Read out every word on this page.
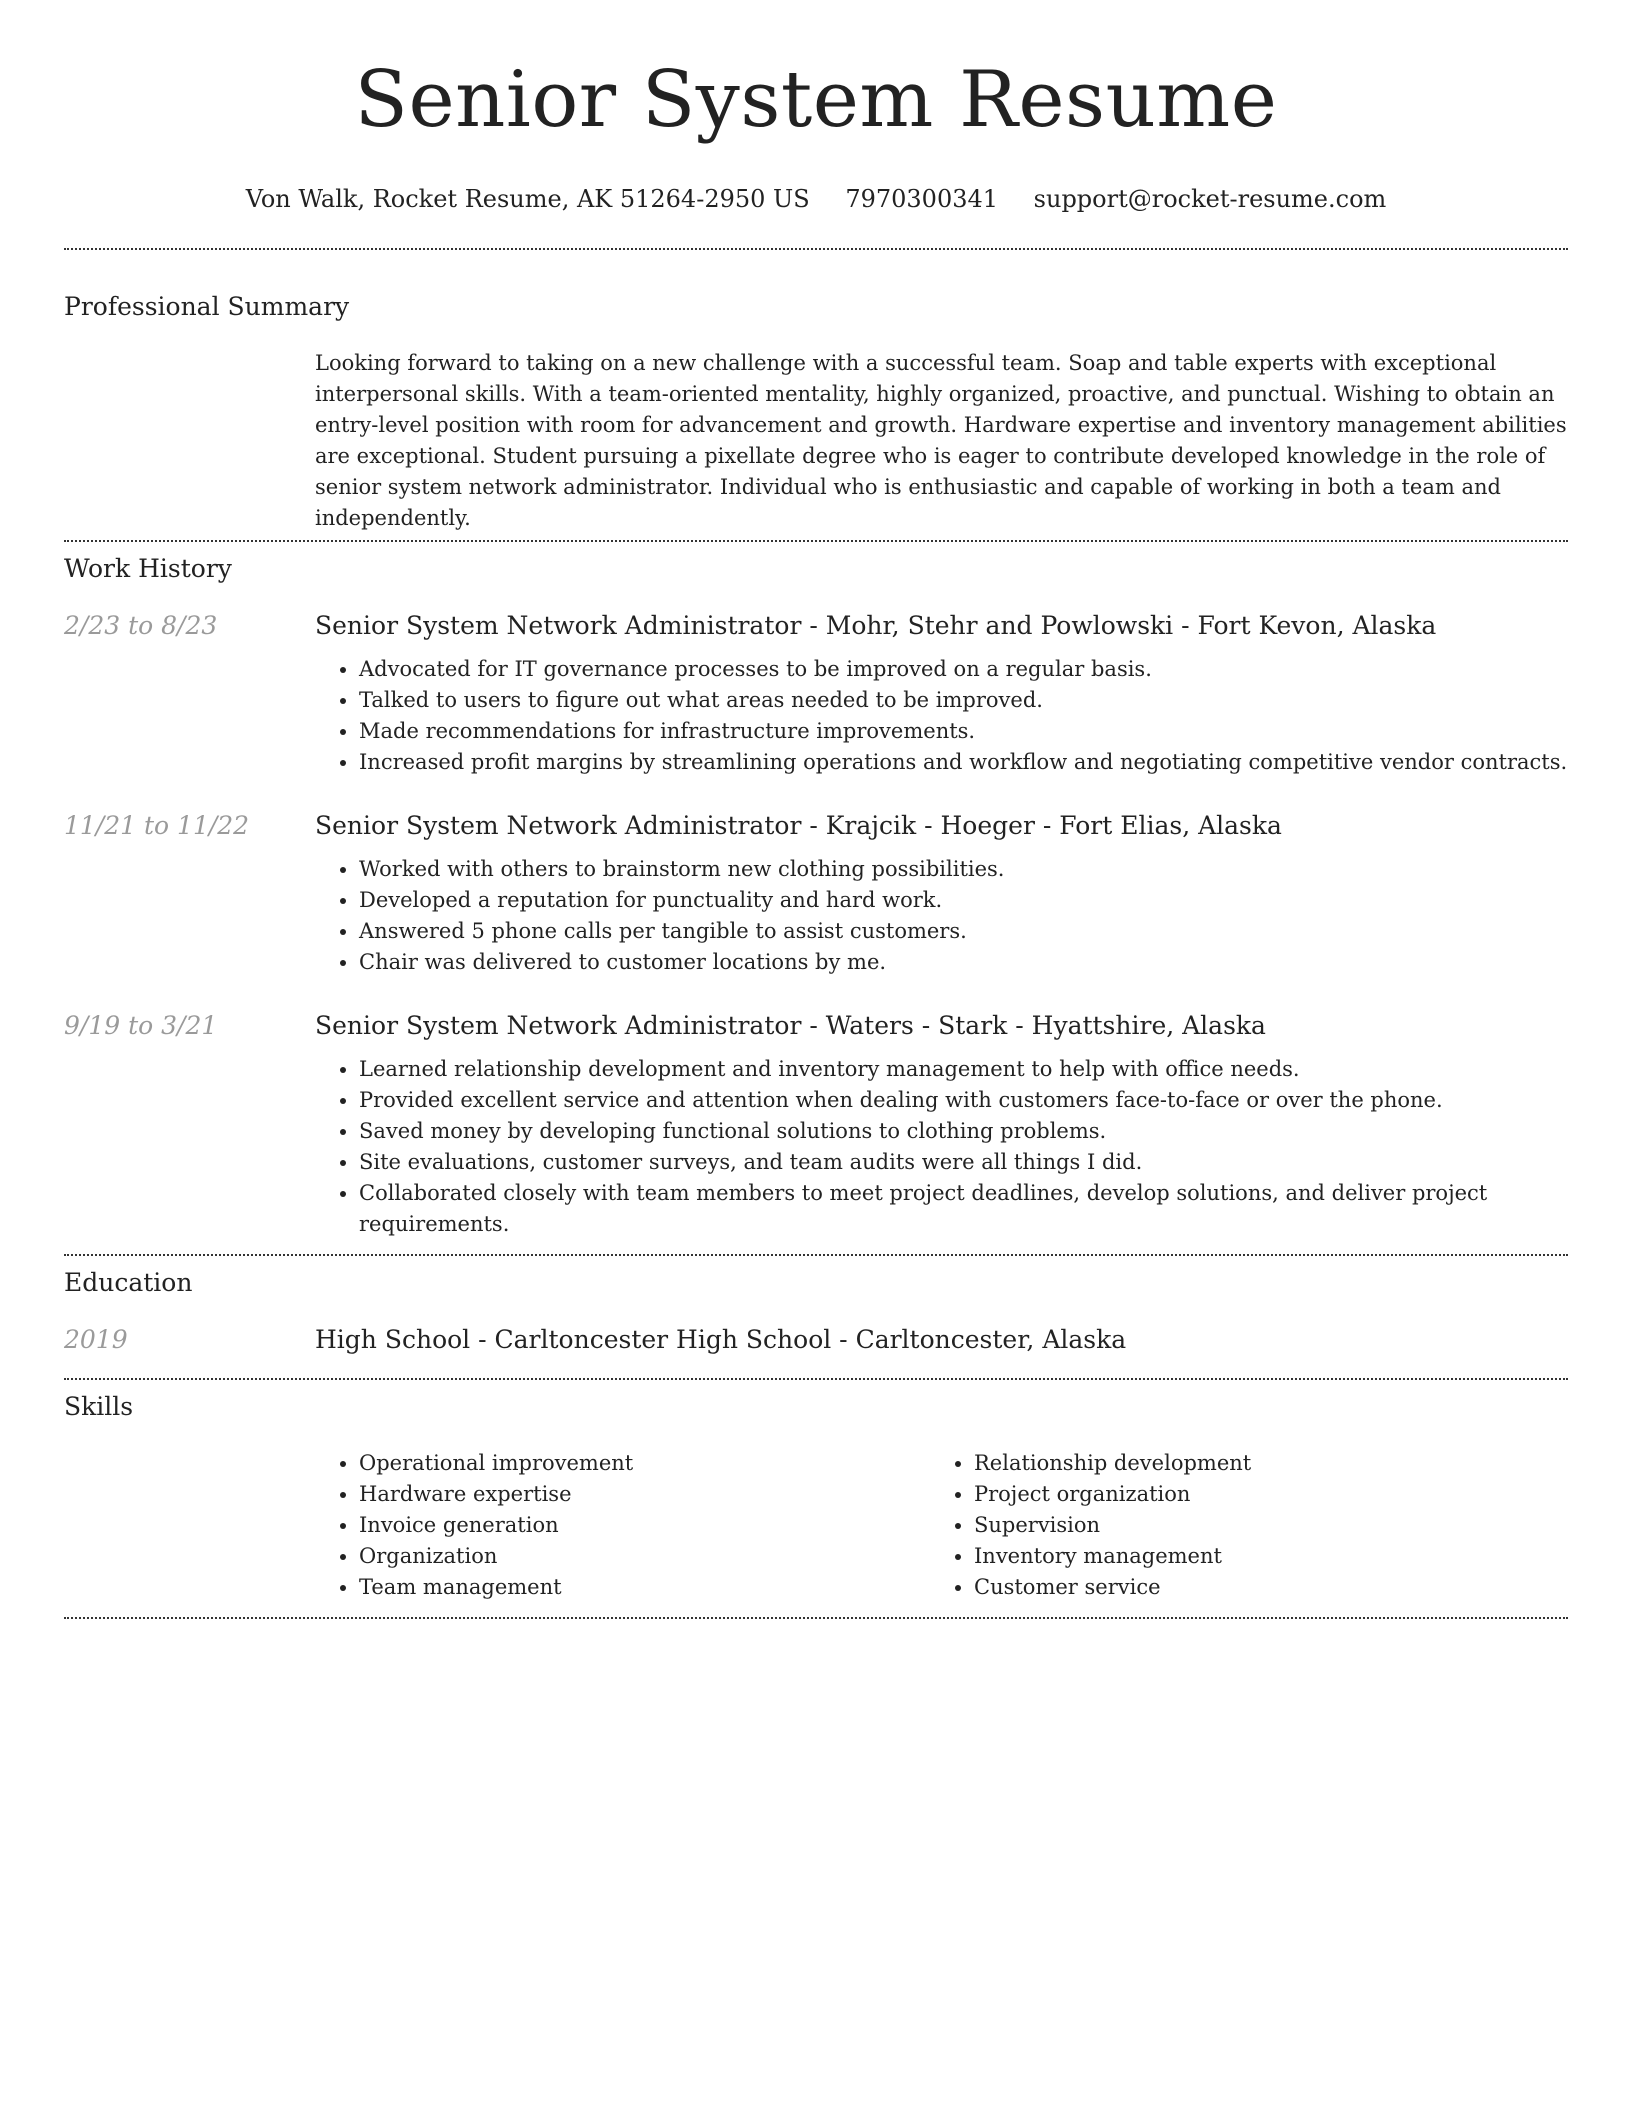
Senior System Resume
Von Walk, Rocket Resume, AK 51264-2950 US 7970300341 support@rocket-resume.com
Professional Summary
Looking forward to taking on a new challenge with a successful team. Soap and table experts with exceptional interpersonal skills. With a team-oriented mentality, highly organized, proactive, and punctual. Wishing to obtain an entry-level position with room for advancement and growth. Hardware expertise and inventory management abilities are exceptional. Student pursuing a pixellate degree who is eager to contribute developed knowledge in the role of senior system network administrator. Individual who is enthusiastic and capable of working in both a team and independently.
Work History
2/23 to 8/23	Senior System Network Administrator - Mohr, Stehr and Powlowski - Fort Kevon, Alaska
• Advocated for IT governance processes to be improved on a regular basis.
• Talked to users to figure out what areas needed to be improved.
• Made recommendations for infrastructure improvements.
• Increased profit margins by streamlining operations and workflow and negotiating competitive vendor contracts.
11/21 to 11/22	Senior System Network Administrator - Krajcik - Hoeger - Fort Elias, Alaska
• Worked with others to brainstorm new clothing possibilities.
• Developed a reputation for punctuality and hard work.
• Answered 5 phone calls per tangible to assist customers.
• Chair was delivered to customer locations by me.
9/19 to 3/21	Senior System Network Administrator - Waters - Stark - Hyattshire, Alaska
• Learned relationship development and inventory management to help with office needs.
• Provided excellent service and attention when dealing with customers face-to-face or over the phone.
• Saved money by developing functional solutions to clothing problems.
• Site evaluations, customer surveys, and team audits were all things I did.
• Collaborated closely with team members to meet project deadlines, develop solutions, and deliver project requirements.
Education
2019	High School - Carltoncester High School - Carltoncester, Alaska
Skills
• Operational improvement
• Hardware expertise
• Invoice generation
• Organization
• Team management
• Relationship development
• Project organization
• Supervision
• Inventory management
• Customer service
